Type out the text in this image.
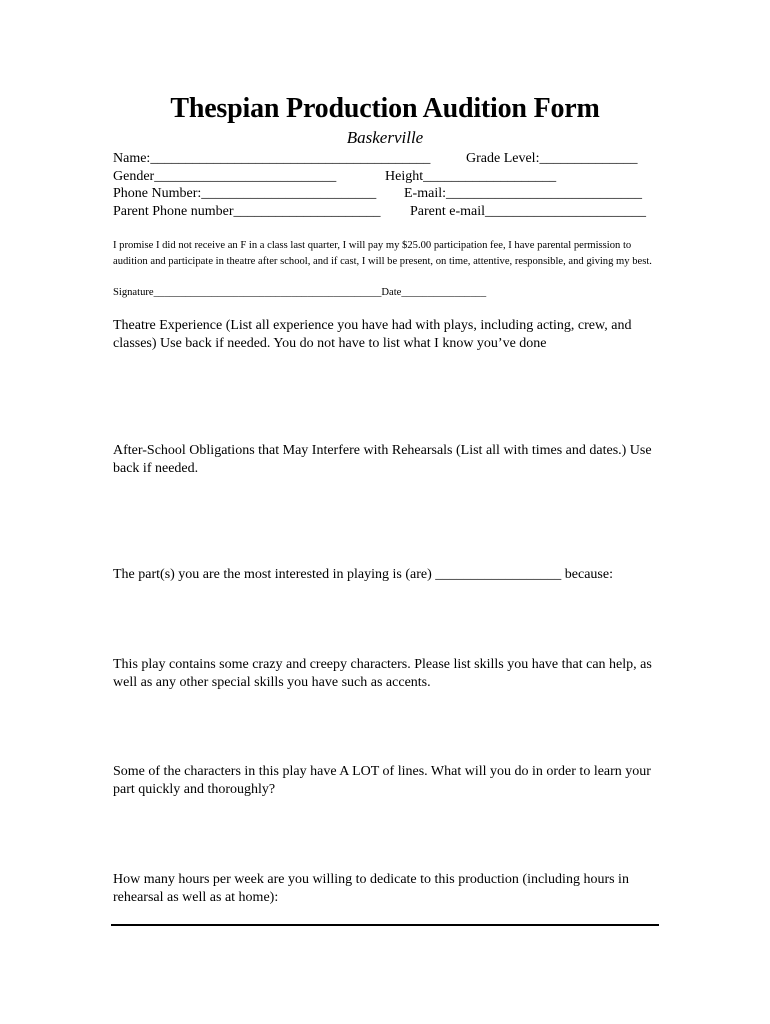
Thespian Production Audition Form
Baskerville

Name:________________________________________

	Grade Level:______________

Gender__________________________

	Height___________________

Phone Number:_________________________

E-mail:____________________________

Parent Phone number_____________________

Parent e-mail_______________________

I promise I did not receive an F in a class last quarter, I will pay my $25.00 participation fee, I have parental permission to audition and participate in theatre after school, and if cast, I will be present, on time, attentive, responsible, and giving my best.

Signature___________________________________________Date________________

Theatre Experience (List all experience you have had with plays, including acting, crew, and classes) Use back if needed. You do not have to list what I know you’ve done

After-School Obligations that May Interfere with Rehearsals (List all with times and dates.) Use back if needed.

The part(s) you are the most interested in playing is (are) __________________ because:

This play contains some crazy and creepy characters. Please list skills you have that can help, as well as any other special skills you have such as accents.

Some of the characters in this play have A LOT of lines. What will you do in order to learn your part quickly and thoroughly?

How many hours per week are you willing to dedicate to this production (including hours in rehearsal as well as at home):
